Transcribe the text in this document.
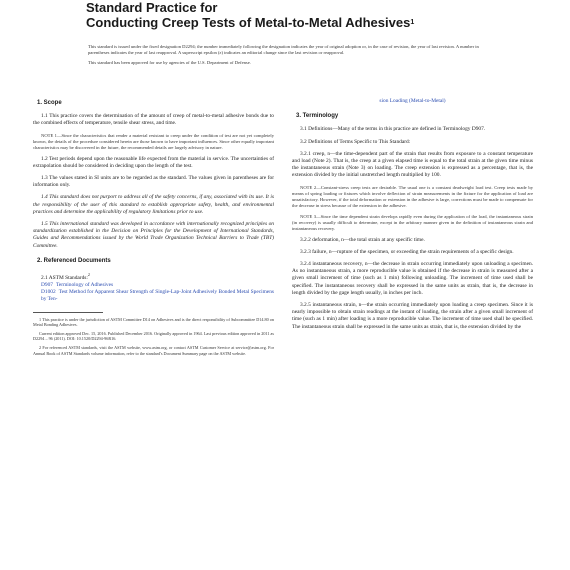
Standard Practice for
Conducting Creep Tests of Metal-to-Metal Adhesives$^1$

This standard is issued under the fixed designation D2294; the number immediately following the designation indicates the year of original adoption or, in the case of revision, the year of last revision. A number in parentheses indicates the year of last reapproval. A superscript epsilon (ε) indicates an editorial change since the last revision or reapproval.

This standard has been approved for use by agencies of the U.S. Department of Defense.

1. Scope
1.1 This practice covers the determination of the amount of creep of metal-to-metal adhesive bonds due to the combined effects of temperature, tensile shear stress, and time.
NOTE 1—Since the characteristics that render a material resistant to creep under the condition of test are not yet completely known, the details of the procedure considered herein are those known to have important influences. Since other equally important characteristics may be discovered in the future, the recommended details are largely advisory in nature.
1.2 Test periods depend upon the reasonable life expected from the material in service. The uncertainties of extrapolation should be considered in deciding upon the length of the test.
1.3 The values stated in SI units are to be regarded as the standard. The values given in parentheses are for information only.
1.4 This standard does not purport to address all of the safety concerns, if any, associated with its use. It is the responsibility of the user of this standard to establish appropriate safety, health, and environmental practices and determine the applicability of regulatory limitations prior to use.
1.5 This international standard was developed in accordance with internationally recognized principles on standardization established in the Decision on Principles for the Development of International Standards, Guides and Recommendations issued by the World Trade Organization Technical Barriers to Trade (TBT) Committee.
2. Referenced Documents
2.1 ASTM Standards:$^2$
D907 Terminology of Adhesives
D1002 Test Method for Apparent Shear Strength of Single-Lap-Joint Adhesively Bonded Metal Specimens by Ten-
1 This practice is under the jurisdiction of ASTM Committee D14 on Adhesives and is the direct responsibility of Subcommittee D14.80 on Metal Bonding Adhesives.
Current edition approved Dec. 15, 2016. Published December 2016. Originally approved in 1964. Last previous edition approved in 2011 as D2294 – 96 (2011). DOI: 10.1520/D2294-96R16.
2 For referenced ASTM standards, visit the ASTM website, www.astm.org, or contact ASTM Customer Service at service@astm.org. For Annual Book of ASTM Standards volume information, refer to the standard's Document Summary page on the ASTM website.
sion Loading (Metal-to-Metal)
3. Terminology
3.1 Definitions—Many of the terms in this practice are defined in Terminology D907.
3.2 Definitions of Terms Specific to This Standard:
3.2.1 creep, n—the time-dependent part of the strain that results from exposure to a constant temperature and load (Note 2). That is, the creep at a given elapsed time is equal to the total strain at the given time minus the instantaneous strain (Note 3) on loading. The creep extension is expressed as a percentage, that is, the extension divided by the initial unstretched length multiplied by 100.
NOTE 2—Constant-stress creep tests are desirable. The usual one is a constant deadweight load test. Creep tests made by means of spring loading or fixtures which involve deflection of strain measurements in the fixture for the application of load are unsatisfactory. However, if the total deformation or extension in the adhesive is large, corrections must be made to compensate for the decrease in stress because of the extension in the adhesive.
NOTE 3—Since the time dependent strain develops rapidly even during the application of the load, the instantaneous strain (in recovery) is usually difficult to determine, except in the arbitrary manner given in the definition of instantaneous strain and instantaneous recovery.
3.2.2 deformation, n—the total strain at any specific time.
3.2.3 failure, n—rupture of the specimen, or exceeding the strain requirements of a specific design.
3.2.4 instantaneous recovery, n—the decrease in strain occurring immediately upon unloading a specimen. As no instantaneous strain, a more reproducible value is obtained if the decrease in strain is measured after a given small increment of time (such as 1 min) following unloading. The increment of time used shall be specified. The instantaneous recovery shall be expressed in the same units as strain, that is, the decrease in length divided by the gage length usually, in inches per inch.
3.2.5 instantaneous strain, n—the strain occurring immediately upon loading a creep specimen. Since it is nearly impossible to obtain strain readings at the instant of loading, the strain after a given small increment of time (such as 1 min) after loading is a more reproducible value. The increment of time used shall be specified. The instantaneous strain shall be expressed in the same units as strain, that is, the extension divided by the
